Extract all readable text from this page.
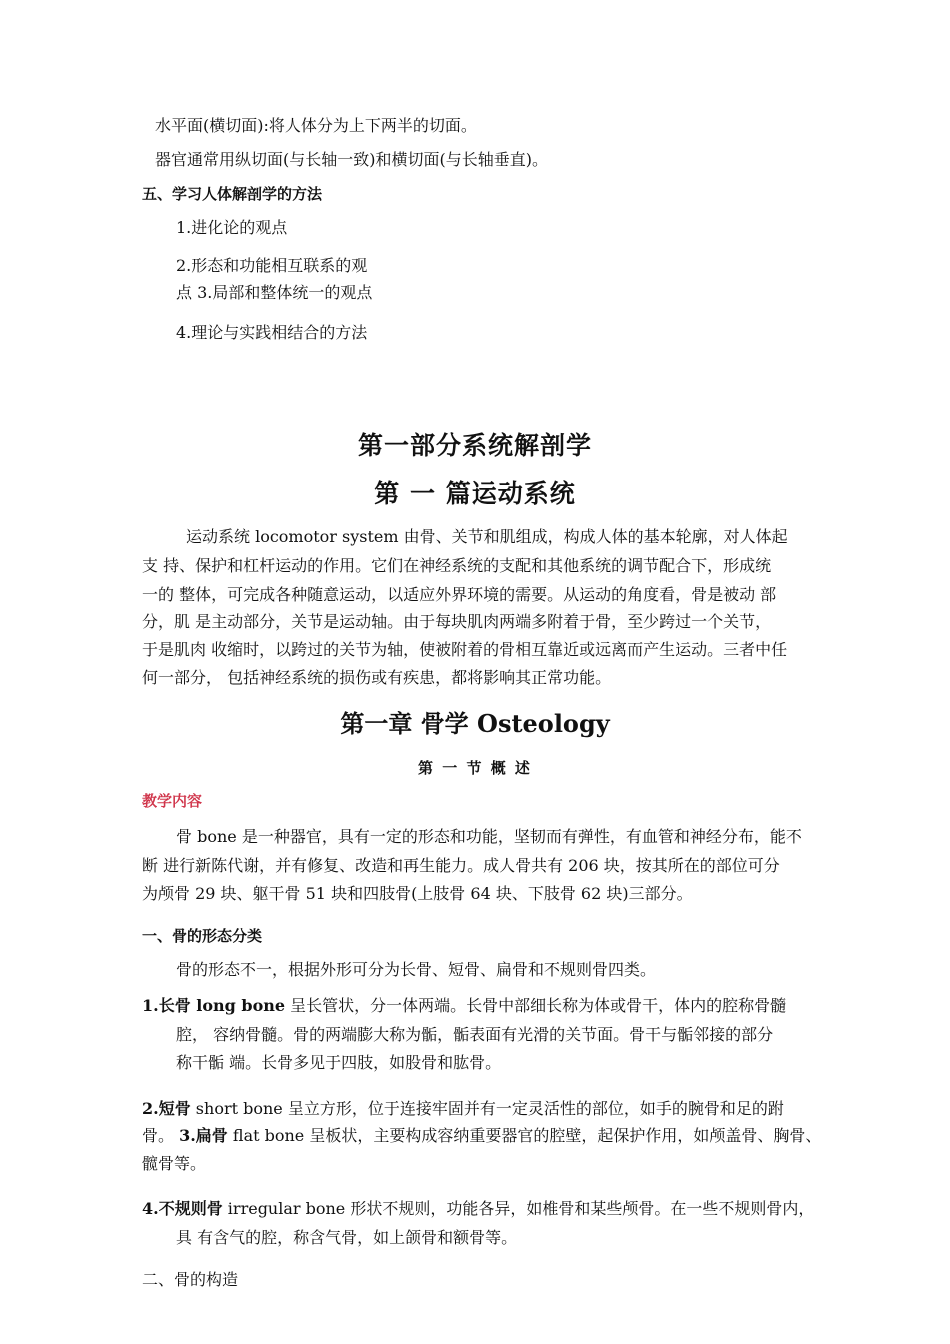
水平面(横切面):将人体分为上下两半的切面。
器官通常用纵切面(与长轴一致)和横切面(与长轴垂直)。
五、学习人体解剖学的方法
1.进化论的观点
2.形态和功能相互联系的观
点 3.局部和整体统一的观点
4.理论与实践相结合的方法
第一部分系统解剖学
第 一 篇运动系统
运动系统 locomotor system 由骨、关节和肌组成，构成人体的基本轮廓，对人体起
支 持、保护和杠杆运动的作用。它们在神经系统的支配和其他系统的调节配合下，形成统
一的 整体，可完成各种随意运动，以适应外界环境的需要。从运动的角度看，骨是被动 部
分，肌 是主动部分，关节是运动轴。由于每块肌肉两端多附着于骨，至少跨过一个关节，
于是肌肉 收缩时，以跨过的关节为轴，使被附着的骨相互靠近或远离而产生运动。三者中任
何一部分， 包括神经系统的损伤或有疾患，都将影响其正常功能。
第一章 骨学 Osteology
第 一 节 概 述
教学内容
骨 bone 是一种器官，具有一定的形态和功能，坚韧而有弹性，有血管和神经分布，能不
断 进行新陈代谢，并有修复、改造和再生能力。成人骨共有 206 块，按其所在的部位可分
为颅骨 29 块、躯干骨 51 块和四肢骨(上肢骨 64 块、下肢骨 62 块)三部分。
一、骨的形态分类
骨的形态不一，根据外形可分为长骨、短骨、扁骨和不规则骨四类。
1.长骨 long bone 呈长管状，分一体两端。长骨中部细长称为体或骨干，体内的腔称骨髓
腔， 容纳骨髓。骨的两端膨大称为骺，骺表面有光滑的关节面。骨干与骺邻接的部分
称干骺 端。长骨多见于四肢，如股骨和肱骨。
2.短骨 short bone 呈立方形，位于连接牢固并有一定灵活性的部位，如手的腕骨和足的跗
骨。 3.扁骨 flat bone 呈板状，主要构成容纳重要器官的腔壁，起保护作用，如颅盖骨、胸骨、
髋骨等。
4.不规则骨 irregular bone 形状不规则，功能各异，如椎骨和某些颅骨。在一些不规则骨内，
具 有含气的腔，称含气骨，如上颌骨和额骨等。
二、骨的构造
